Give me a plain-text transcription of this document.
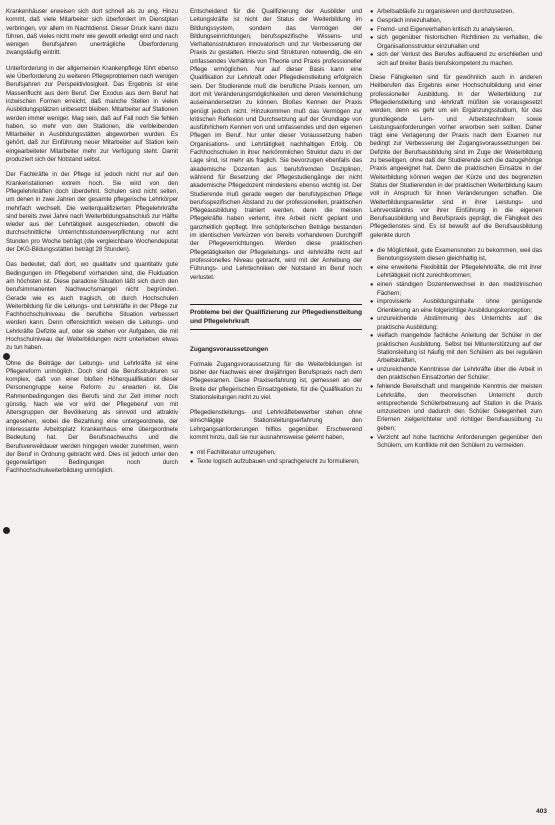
Krankenhäuser erweisen sich dort schnell als zu eng. Hinzu kommt, daß viele Mitarbeiter sich überfordert im Dienstplan verbringen, vor allem im Nachtdienst. Dieser Druck kann dazu führen, daß vieles nicht mehr wie gewollt erledigt wird und nach wenigen Berufsjahren unerträgliche Überforderung zwangsläufig eintritt.

Unterforderung in der allgemeinen Krankenpflege führt ebenso wie Überforderung zu weiteren Pflegeproblemen nach wenigen Berufsjahren zur Perspektivlosigkeit. Das Ergebnis ist eine Massenflucht aus dem Beruf. Der Exodus aus dem Beruf hat inzwischen Formen erreicht, daß manche Stellen in vielen Ausbildungsplätzen unbesetzt bleiben. Mitarbeiter auf Stationen werden immer weniger. Mag sein, daß auf Fall noch Sie fehlen haben, so mehr von den Stationen, die verbleibenden Mitarbeiter in Ausbildungsstätten abgeworben wurden. Es gehört, daß zur Einführung neuer Mitarbeiter auf Station kein eingearbeiteter Mitarbeiter mehr zur Verfügung steht. Damit produziert sich der Notstand selbst.

Der Fachkräfte in der Pflege ist jedoch nicht nur auf den Krankenstationen extrem hoch. Sie wird von den Pflegelehrkräften doch überdehnt. Schulen sind nicht selten, um denen in zwei Jahren der gesamte pflegerische Lehrkörper mehrfach wechselt. Die weiterqualifizierten Pflegelehrkräfte sind bereits zwei Jahre nach Weiterbildungsabschluß zur Hälfte wieder aus der Lehrtätigkeit ausgeschieden, obwohl die durchschnittliche Unterrichtsstundenverpflichtung nur acht Stunden pro Woche beträgt (die vergleichbare Wochendeputat der DKG-Bildungsstätten beträgt 28 Stunden).

Das bedeutet, daß dort, wo qualitativ und quantitativ gute Bedingungen im Pflegeberuf vorhanden sind, die Fluktuation am höchsten ist. Diese paradoxe Situation läßt sich durch den berufsimmanenten Nachwuchsmangel nicht begründen. Gerade wie es auch tragisch, ob durch Hochschulen Weiterbildung für die Leitungs- und Lehrkräfte in der Pflege zur Fachhochschulniveau die berufliche Situation verbessert werden kann. Denn offensichtlich weisen die Leitungs- und Lehrkräfte Defizite auf, oder sie stehen vor Aufgaben, die mit Hochschulniveau der Weiterbildungen nicht unterlieben etwas zu tun haben.

Ohne die Beiträge der Leitungs- und Lehrkräfte ist eine Pflegereform unmöglich. Doch sind die Berufsstrukturen so komplex, daß von einer bloßen Höherqualifikation dieser Personengruppe keine Reform zu erwarten ist. Die Rahmenbedingungen des Berufs sind zur Zeit immer noch günstig. Nach wie vor wird der Pflegeberuf von mit Altersgruppen der Bevölkerung als sinnvoll und attraktiv angesehen, wobei die Bezahlung eine untergeordnete, der interessante Arbeitsplatz Krankenhaus eine übergeordnete Bedeutung hat. Der Berufsnachwuchs und die Berufsverweildauer werden hingegen wieder zunehmen, wenn der Beruf in Ordnung gebracht wird. Dies ist jedoch unter den gegenwärtigen Bedingungen noch durch Fachhochschulweiterbildung unmöglich.

Entscheidend für die Qualifizierung der Ausbilder und Leitungskräfte ist nicht der Status der Weiterbildung im Bildungssystem, sondern das Vermögen der Bildungseinrichtungen, berufsspezifische Wissens- und Verhaltensstrukturen innovatorisch und zur Verbesserung der Praxis zu gestalten. Hierzu sind Strukturen notwendig, die ein umfassendes Verhältnis von Theorie und Praxis professioneller Pflege ermöglichen. Nur auf dieser Basis kann eine Qualifikation zur Lehrkraft oder Pflegedienstleitung erfolgreich sein. Der Studierende muß die berufliche Praxis kennen, um dort mit Veränderungsmöglichkeiten und deren Verwirklichung auseinandersetzen zu können. Bloßes Kennen der Praxis genügt jedoch nicht. Hinzukommen muß das Vermögen zur kritischen Reflexion und Durchsetzung auf der Grundlage von ausführlichem Kennen von und umfassendes und den eigenen Pflegen im Beruf. Nur unter dieser Voraussetzung haben Organisations- und Lehrtätigkeit nachhaltigen Erfolg. Ob Fachhochschulen in ihrer herkömmlichen Struktur dazu in der Lage sind, ist mehr als fraglich. Sie bevorzugen ebenfalls das akademische Dozenten aus berufsfremden Disziplinen, während für Besetzung der Pflegestudiengänge der nicht akademische Pflegedozent mindestens ebenso wichtig ist. Der Studierende muß gerade wegen der berufstypischen Pflege berufsspezifischen Abstand zu der professionellen, praktischen Pflegeausbildung trainiert werden, denn die meisten Pflegekräfte haben verlernt, ihre Arbeit nicht geplant und ganzheitlich gepflegt. Ihre schöpferischen Beträge bestanden im identischen Verkürzen von bereits vorhandenen Durchgriff der Pflegeverrichtungen. Werden diese praktischen Pflegetätigkeiten der Pflegeleitungs- und -lehrkräfte nicht auf professionelles Niveau gebracht, wird mit der Anhebung der Führungs- und Lehrtechniken der Notstand im Beruf noch verlustet.

Probleme bei der Qualifizierung zur Pflegedienstleitung und Pflegelehrkraft
Zugangsvoraussetzungen

Formale Zugangsvoraussetzung für die Weiterbildungen ist bisher der Nachweis einer dreijährigen Berufspraxis nach dem Pflegeexamen. Diese Praxiserfahrung ist, gemessen an der Breite der pflegerischen Einsatzgebiete, für die Qualifikation zu Stationsleitungen nicht zu viel.

Pflegedienstleitungs- und Lehrkräftebewerber stehen ohne einschlägige Stationsleitungserfahrung den Lehrgangsanforderungen hilflos gegenüber. Erschwerend kommt hinzu, daß sie nur ausnahmsweise gelernt haben,

● mit Fachliteratur umzugehen,
● Texte logisch aufzubauen und sprachgerecht zu formulieren,
● Arbeitsabläufe zu organisieren und durchzusetzen,
● Gespräch innezuhalten,
● Fremd- und Eigenverhalten kritisch zu analysieren,
● sich gegenüber historischen Richtlinien zu verhalten, die Organisationsstruktur einzuhalten und
● sich der Verlust des Berufes aufbauend zu erschließen und sich auf breiter Basis berufskompetent zu machen.

Diese Fähigkeiten sind für gewöhnlich auch in anderen Heilberufen das Ergebnis einer Hochschulbildung und einer professioneller Ausbildung. In der Weiterbildung zur Pflegedienstleitung und -lehrkraft müßten sie vorausgesetzt werden, denn es geht um ein Ergänzungsstudium, für das grundlegende Lern- und Arbeitstechniken sowie Leistungsanforderungen vorher erworben sein sollten. Daher trägt eine Verlagerung der Praxis nach dem Examen nur bedingt zur Verbesserung der Zugangsvoraussetzungen bei. Defizite der Berufsausbildung sind im Zuge der Weiterbildung zu beseitigen, ohne daß der Studierende sich die dazugehörige Praxis angeeignet hat. Denn die praktischen Einsätze in der Weiterbildung können wegen der Kürze und des begrenzten Status der Studierenden in der praktischen Weiterbildung kaum voll in Anspruch für ihnen Veränderungen schaffen. Die Weiterbildungsanwärter sind in ihrer Leistungs- und Lehrverständnis vor ihrer Einführung in die eigenen Berufsausbildung und Berufspraxis geprägt, die Fähigkeit des Pflegedienstes sind. Es ist bewußt auf die Berufsausbildung gelenkte durch

● die Möglichkeit, gute Examensnoten zu bekommen, weil das Benotungssystem diesen gleichhaltig ist,
● eine erweiterte Flexibilität der Pflegelehrkräfte, die mit ihrer Lehrtätigkeit nicht zurechtkommen;
● einen ständigen Dozentenwechsel in den medizinischen Fächern;
● improvisierte Ausbildungsinhalte ohne genügende Orientierung an eine folgerichtige Ausbildungskonzeption;
● unzureichende Abstimmung des Unterrichts auf die praktische Ausbildung;
● vielfach mangelnde fachliche Anleitung der Schüler in der praktischen Ausbildung. Selbst bei Mitunterstützung auf der Stationsleitung ist häufig mit den Schülern als bei regulären Arbeitskräften,
● unzureichende Kenntnisse der Lehrkräfte über die Arbeit in den praktischen Einsatzorten der Schüler;
● fehlende Bereitschaft und mangelnde Kenntnis der meisten Lehrkräfte, den theoretischen Unterricht durch entsprechende Schülerbetreuung auf Station in die Praxis umzusetzen und dadurch den Schüler Gelegenheit zum Erlernen zielgerichteter und richtiger Berufsausübung zu geben;
● Verzicht auf hohe fachliche Anforderungen gegenüber den Schülern, um Konflikte mit den Schülern zu vermeiden.
403
